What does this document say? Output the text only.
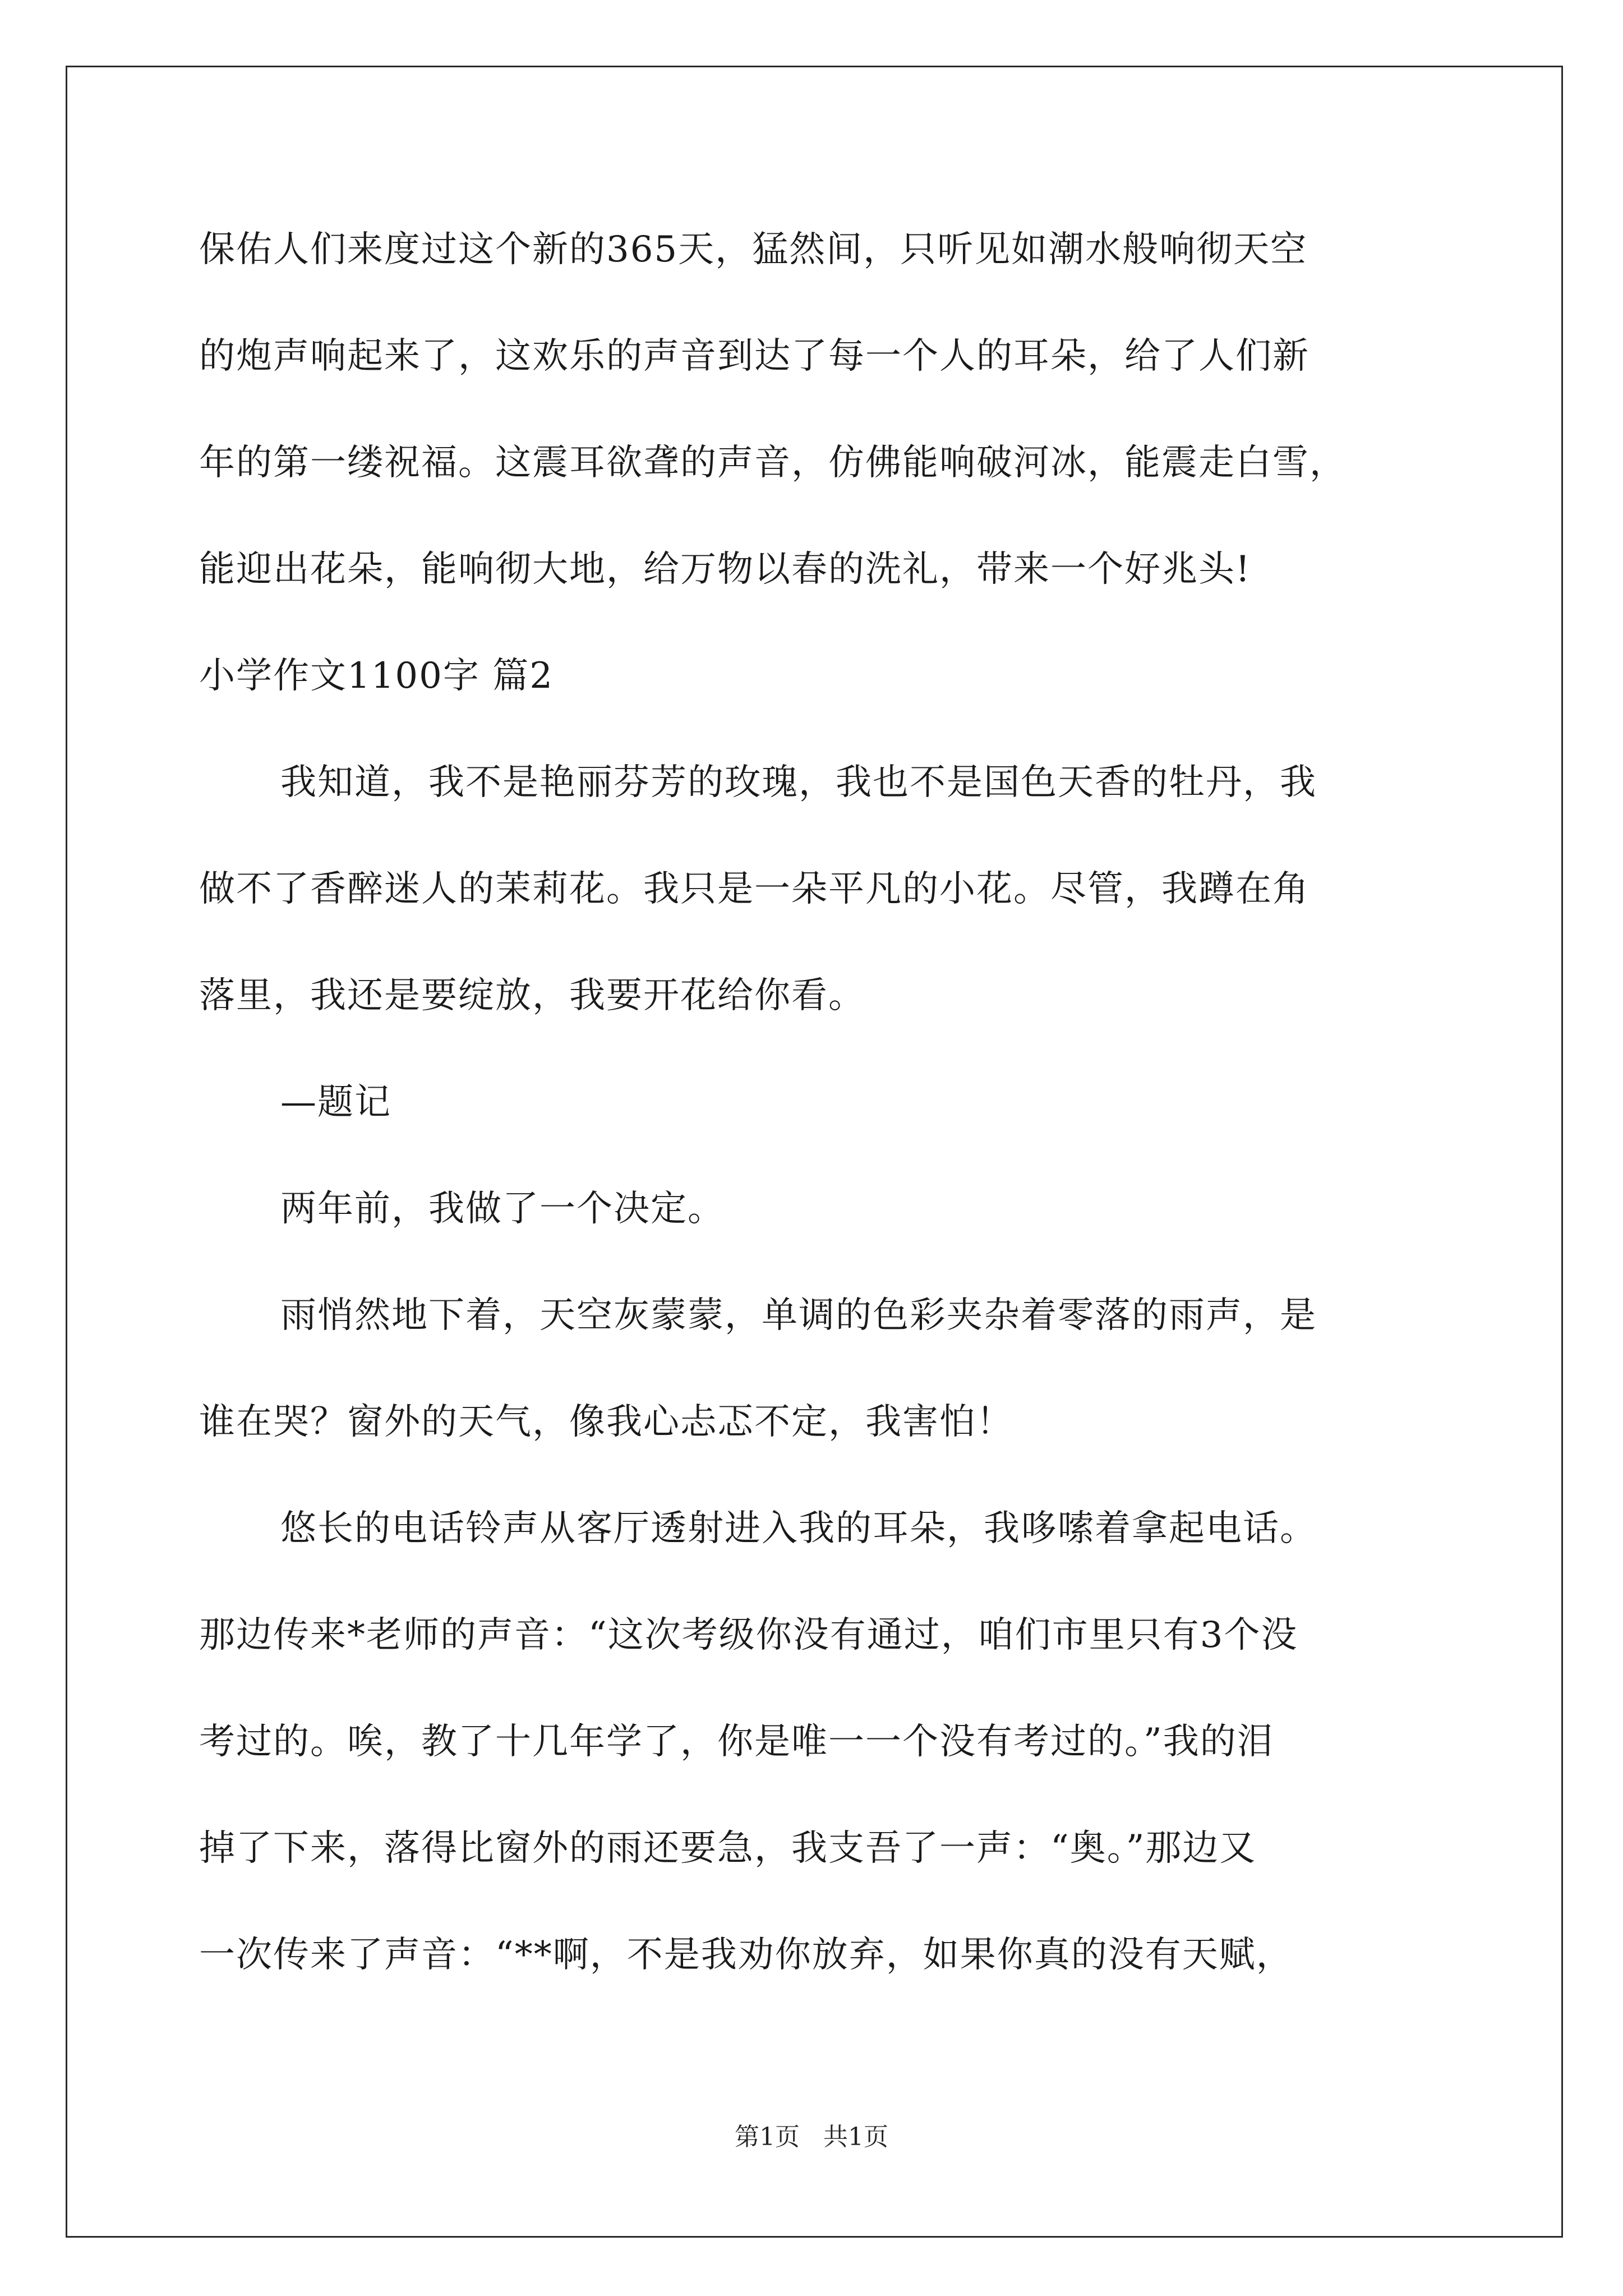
保佑人们来度过这个新的365天，猛然间，只听见如潮水般响彻天空
的炮声响起来了，这欢乐的声音到达了每一个人的耳朵，给了人们新
年的第一缕祝福。这震耳欲聋的声音，仿佛能响破河冰，能震走白雪，
能迎出花朵，能响彻大地，给万物以春的洗礼，带来一个好兆头!
小学作文1100字 篇2
我知道，我不是艳丽芬芳的玫瑰，我也不是国色天香的牡丹，我
做不了香醉迷人的茉莉花。我只是一朵平凡的小花。尽管，我蹲在角
落里，我还是要绽放，我要开花给你看。
—题记
两年前，我做了一个决定。
雨悄然地下着，天空灰蒙蒙，单调的色彩夹杂着零落的雨声，是
谁在哭？窗外的天气，像我心忐忑不定，我害怕！
悠长的电话铃声从客厅透射进入我的耳朵，我哆嗦着拿起电话。
那边传来*老师的声音：“这次考级你没有通过，咱们市里只有3个没
考过的。唉，教了十几年学了，你是唯一一个没有考过的。”我的泪
掉了下来，落得比窗外的雨还要急，我支吾了一声：“奥。”那边又
一次传来了声音：“**啊，不是我劝你放弃，如果你真的没有天赋，
第1页 共1页
